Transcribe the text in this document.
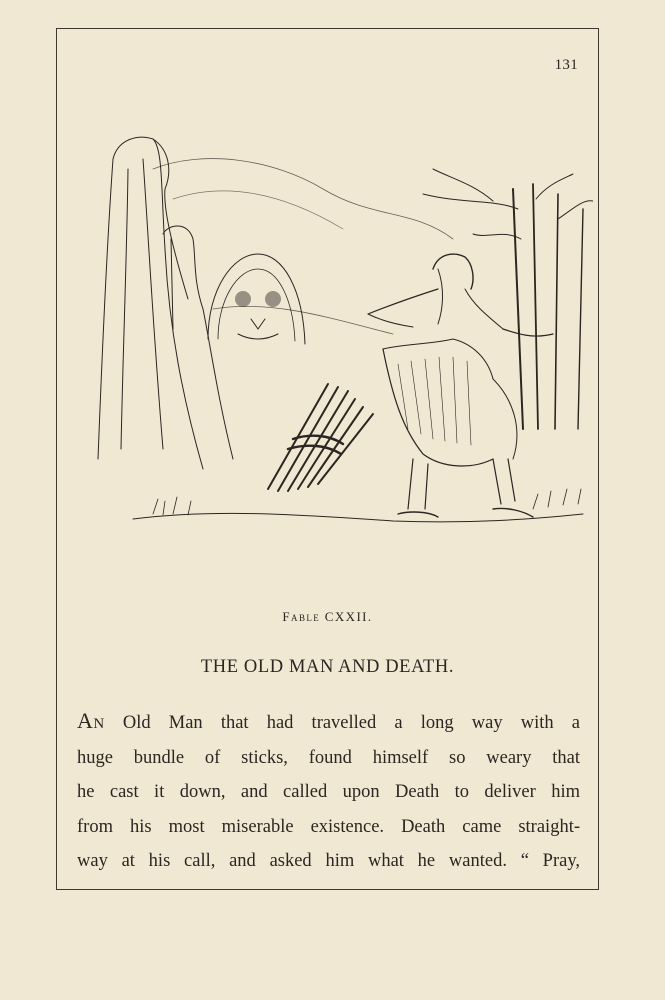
131
Fable CXXII.
THE OLD MAN AND DEATH.
An Old Man that had travelled a long way with a
huge bundle of sticks, found himself so weary that
he cast it down, and called upon Death to deliver him
from his most miserable existence. Death came straight-
way at his call, and asked him what he wanted. “ Pray,
